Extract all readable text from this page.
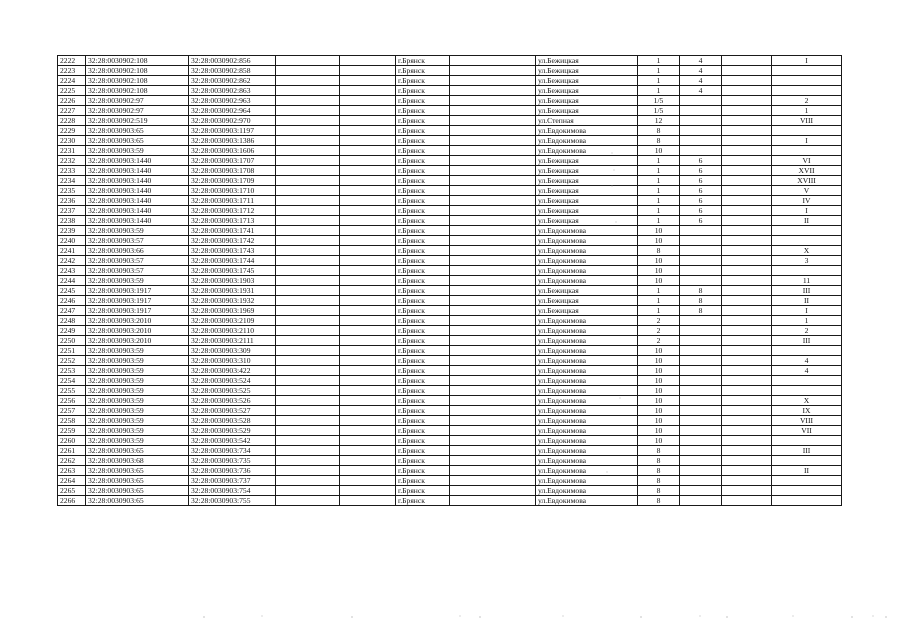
2222	32:28:0030902:108	32:28:0030902:856			г.Брянск		ул.Бежицкая	1	4		I
2223	32:28:0030902:108	32:28:0030902:858			г.Брянск		ул.Бежицкая	1	4		
2224	32:28:0030902:108	32:28:0030902:862			г.Брянск		ул.Бежицкая	1	4		
2225	32:28:0030902:108	32:28:0030902:863			г.Брянск		ул.Бежицкая	1	4		
2226	32:28:0030902:97	32:28:0030902:963			г.Брянск		ул.Бежицкая	1/5			2
2227	32:28:0030902:97	32:28:0030902:964			г.Брянск		ул.Бежицкая	1/5			1
2228	32:28:0030902:519	32:28:0030902:970			г.Брянск		ул.Степная	12			VIII
2229	32:28:0030903:65	32:28:0030903:1197			г.Брянск		ул.Евдокимова	8			
2230	32:28:0030903:65	32:28:0030903:1386			г.Брянск		ул.Евдокимова	8			I
2231	32:28:0030903:59	32:28:0030903:1606			г.Брянск		ул.Евдокимова	10			
2232	32:28:0030903:1440	32:28:0030903:1707			г.Брянск		ул.Бежицкая	1	6		VI
2233	32:28:0030903:1440	32:28:0030903:1708			г.Брянск		ул.Бежицкая	1	6		XVII
2234	32:28:0030903:1440	32:28:0030903:1709			г.Брянск		ул.Бежицкая	1	6		XVIII
2235	32:28:0030903:1440	32:28:0030903:1710			г.Брянск		ул.Бежицкая	1	6		V
2236	32:28:0030903:1440	32:28:0030903:1711			г.Брянск		ул.Бежицкая	1	6		IV
2237	32:28:0030903:1440	32:28:0030903:1712			г.Брянск		ул.Бежицкая	1	6		I
2238	32:28:0030903:1440	32:28:0030903:1713			г.Брянск		ул.Бежицкая	1	6		II
2239	32:28:0030903:59	32:28:0030903:1741			г.Брянск		ул.Евдокимова	10			
2240	32:28:0030903:57	32:28:0030903:1742			г.Брянск		ул.Евдокимова	10			
2241	32:28:0030903:66	32:28:0030903:1743			г.Брянск		ул.Евдокимова	8			X
2242	32:28:0030903:57	32:28:0030903:1744			г.Брянск		ул.Евдокимова	10			3
2243	32:28:0030903:57	32:28:0030903:1745			г.Брянск		ул.Евдокимова	10			
2244	32:28:0030903:59	32:28:0030903:1903			г.Брянск		ул.Евдокимова	10			11
2245	32:28:0030903:1917	32:28:0030903:1931			г.Брянск		ул.Бежицкая	1	8		III
2246	32:28:0030903:1917	32:28:0030903:1932			г.Брянск		ул.Бежицкая	1	8		II
2247	32:28:0030903:1917	32:28:0030903:1969			г.Брянск		ул.Бежицкая	1	8		I
2248	32:28:0030903:2010	32:28:0030903:2109			г.Брянск		ул.Евдокимова	2			1
2249	32:28:0030903:2010	32:28:0030903:2110			г.Брянск		ул.Евдокимова	2			2
2250	32:28:0030903:2010	32:28:0030903:2111			г.Брянск		ул.Евдокимова	2			III
2251	32:28:0030903:59	32:28:0030903:309			г.Брянск		ул.Евдокимова	10			
2252	32:28:0030903:59	32:28:0030903:310			г.Брянск		ул.Евдокимова	10			4
2253	32:28:0030903:59	32:28:0030903:422			г.Брянск		ул.Евдокимова	10			4
2254	32:28:0030903:59	32:28:0030903:524			г.Брянск		ул.Евдокимова	10			
2255	32:28:0030903:59	32:28:0030903:525			г.Брянск		ул.Евдокимова	10			
2256	32:28:0030903:59	32:28:0030903:526			г.Брянск		ул.Евдокимова	10			X
2257	32:28:0030903:59	32:28:0030903:527			г.Брянск		ул.Евдокимова	10			IX
2258	32:28:0030903:59	32:28:0030903:528			г.Брянск		ул.Евдокимова	10			VIII
2259	32:28:0030903:59	32:28:0030903:529			г.Брянск		ул.Евдокимова	10			VII
2260	32:28:0030903:59	32:28:0030903:542			г.Брянск		ул.Евдокимова	10			
2261	32:28:0030903:65	32:28:0030903:734			г.Брянск		ул.Евдокимова	8			III
2262	32:28:0030903:68	32:28:0030903:735			г.Брянск		ул.Евдокимова	8			
2263	32:28:0030903:65	32:28:0030903:736			г.Брянск		ул.Евдокимова	8			II
2264	32:28:0030903:65	32:28:0030903:737			г.Брянск		ул.Евдокимова	8			
2265	32:28:0030903:65	32:28:0030903:754			г.Брянск		ул.Евдокимова	8			
2266	32:28:0030903:65	32:28:0030903:755			г.Брянск		ул.Евдокимова	8			
